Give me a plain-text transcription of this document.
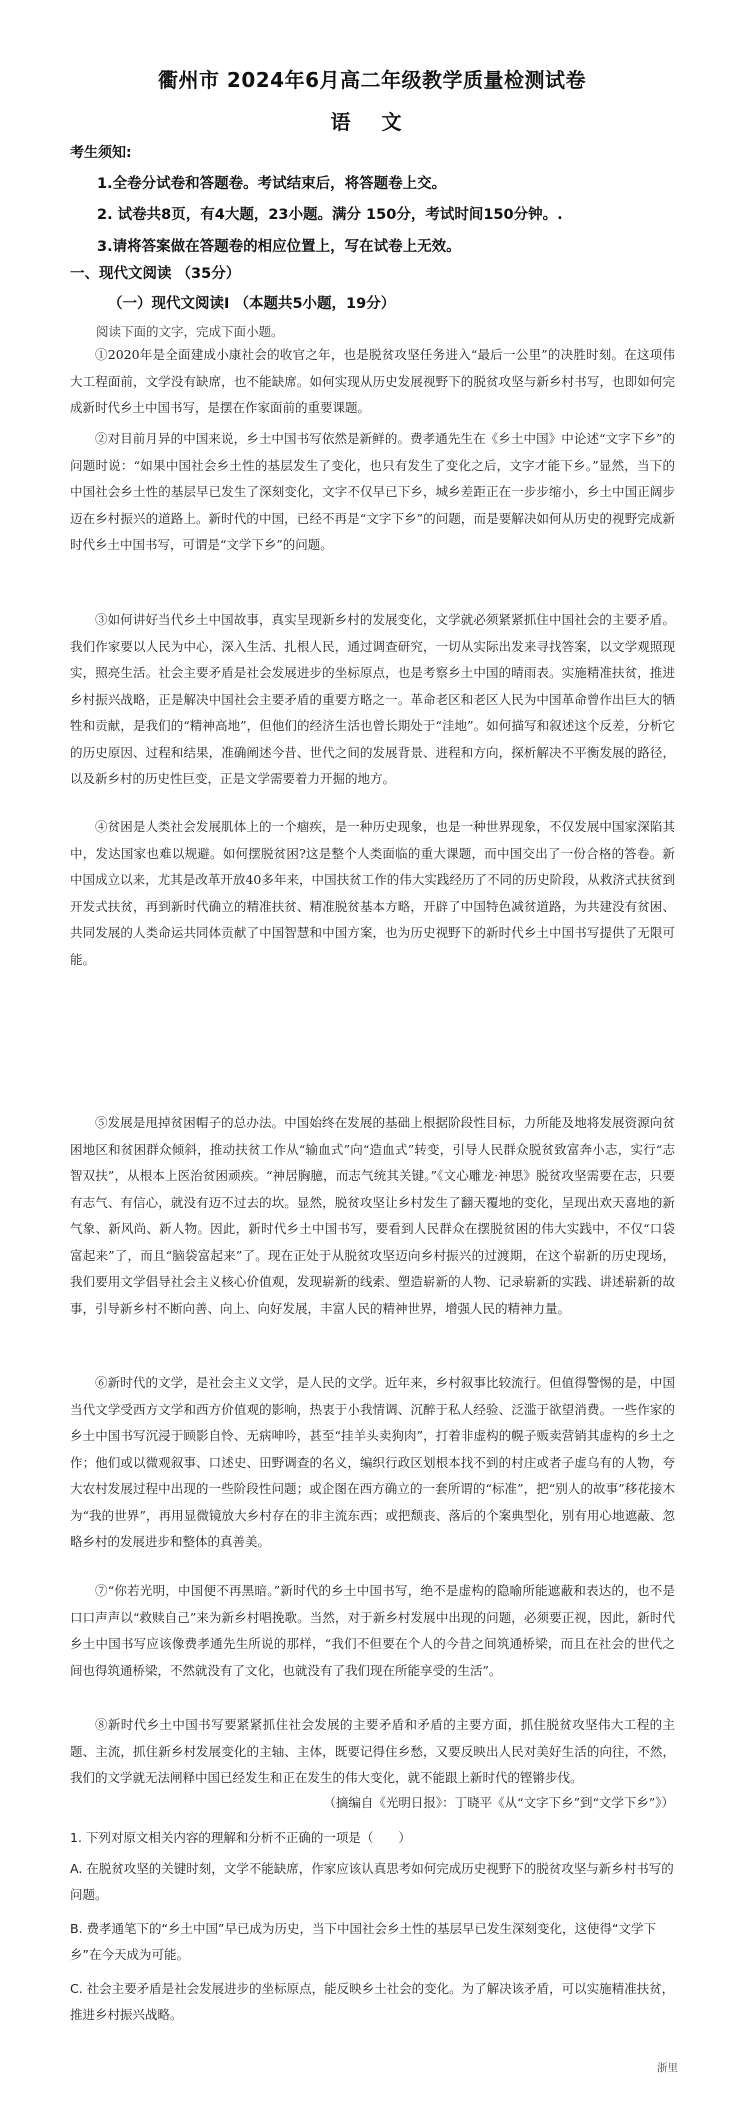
衢州市 2024年6月高二年级教学质量检测试卷
语 文
考生须知:
1.全卷分试卷和答题卷。考试结束后，将答题卷上交。
2. 试卷共8页，有4大题，23小题。满分 150分，考试时间150分钟。.
3.请将答案做在答题卷的相应位置上，写在试卷上无效。
一、现代文阅读 （35分）
（一）现代文阅读Ⅰ （本题共5小题，19分）
阅读下面的文字，完成下面小题。

①2020年是全面建成小康社会的收官之年，也是脱贫攻坚任务进入“最后一公里”的决胜时刻。在这项伟大工程面前，文学没有缺席，也不能缺席。如何实现从历史发展视野下的脱贫攻坚与新乡村书写，也即如何完成新时代乡土中国书写，是摆在作家面前的重要课题。

②对目前月异的中国来说，乡土中国书写依然是新鲜的。费孝通先生在《乡土中国》中论述“文字下乡”的问题时说：“如果中国社会乡土性的基层发生了变化，也只有发生了变化之后，文字才能下乡。”显然，当下的中国社会乡土性的基层早已发生了深刻变化，文字不仅早已下乡，城乡差距正在一步步缩小，乡土中国正阔步迈在乡村振兴的道路上。新时代的中国，已经不再是“文字下乡”的问题，而是要解决如何从历史的视野完成新时代乡土中国书写，可谓是“文学下乡”的问题。

③如何讲好当代乡土中国故事，真实呈现新乡村的发展变化，文学就必须紧紧抓住中国社会的主要矛盾。我们作家要以人民为中心，深入生活、扎根人民，通过调查研究，一切从实际出发来寻找答案，以文学观照现实，照亮生活。社会主要矛盾是社会发展进步的坐标原点，也是考察乡土中国的晴雨表。实施精准扶贫，推进乡村振兴战略，正是解决中国社会主要矛盾的重要方略之一。革命老区和老区人民为中国革命曾作出巨大的牺牲和贡献，是我们的“精神高地”，但他们的经济生活也曾长期处于“洼地”。如何描写和叙述这个反差，分析它的历史原因、过程和结果，准确阐述今昔、世代之间的发展背景、进程和方向，探析解决不平衡发展的路径，以及新乡村的历史性巨变，正是文学需要着力开掘的地方。

④贫困是人类社会发展肌体上的一个痼疾，是一种历史现象，也是一种世界现象，不仅发展中国家深陷其中，发达国家也难以规避。如何摆脱贫困?这是整个人类面临的重大课题，而中国交出了一份合格的答卷。新中国成立以来，尤其是改革开放40多年来，中国扶贫工作的伟大实践经历了不同的历史阶段，从救济式扶贫到开发式扶贫，再到新时代确立的精准扶贫、精准脱贫基本方略，开辟了中国特色减贫道路，为共建没有贫困、共同发展的人类命运共同体贡献了中国智慧和中国方案，也为历史视野下的新时代乡土中国书写提供了无限可能。

⑤发展是甩掉贫困帽子的总办法。中国始终在发展的基础上根据阶段性目标，力所能及地将发展资源向贫困地区和贫困群众倾斜，推动扶贫工作从“输血式”向“造血式”转变，引导人民群众脱贫致富奔小志，实行“志智双扶”，从根本上医治贫困顽疾。“神居胸臆，而志气统其关键。”《文心雕龙·神思》脱贫攻坚需要在志，只要有志气、有信心，就没有迈不过去的坎。显然，脱贫攻坚让乡村发生了翻天覆地的变化，呈现出欢天喜地的新气象、新风尚、新人物。因此，新时代乡土中国书写，要看到人民群众在摆脱贫困的伟大实践中，不仅“口袋富起来”了，而且“脑袋富起来”了。现在正处于从脱贫攻坚迈向乡村振兴的过渡期，在这个崭新的历史现场，我们要用文学倡导社会主义核心价值观，发现崭新的线索、塑造崭新的人物、记录崭新的实践、讲述崭新的故事，引导新乡村不断向善、向上、向好发展，丰富人民的精神世界，增强人民的精神力量。

⑥新时代的文学，是社会主义文学，是人民的文学。近年来，乡村叙事比较流行。但值得警惕的是，中国当代文学受西方文学和西方价值观的影响，热衷于小我情调、沉醉于私人经验、泛滥于欲望消费。一些作家的乡土中国书写沉浸于顾影自怜、无病呻吟，甚至“挂羊头卖狗肉”，打着非虚构的幌子贩卖营销其虚构的乡土之作；他们或以微观叙事、口述史、田野调查的名义，编织行政区划根本找不到的村庄或者子虚乌有的人物，夸大农村发展过程中出现的一些阶段性问题；或企图在西方确立的一套所谓的“标准”，把“别人的故事”移花接木为“我的世界”，再用显微镜放大乡村存在的非主流东西；或把颓丧、落后的个案典型化，别有用心地遮蔽、忽略乡村的发展进步和整体的真善美。

⑦“你若光明，中国便不再黑暗。”新时代的乡土中国书写，绝不是虚构的隐喻所能遮蔽和表达的，也不是口口声声以“救赎自己”来为新乡村唱挽歌。当然，对于新乡村发展中出现的问题，必须要正视，因此，新时代乡土中国书写应该像费孝通先生所说的那样，“我们不但要在个人的今昔之间筑通桥梁，而且在社会的世代之间也得筑通桥梁，不然就没有了文化，也就没有了我们现在所能享受的生活”。

⑧新时代乡土中国书写要紧紧抓住社会发展的主要矛盾和矛盾的主要方面，抓住脱贫攻坚伟大工程的主题、主流，抓住新乡村发展变化的主轴、主体，既要记得住乡愁，又要反映出人民对美好生活的向往，不然，我们的文学就无法闸释中国已经发生和正在发生的伟大变化，就不能跟上新时代的铿锵步伐。

（摘编自《光明日报》：丁晓平《从“文字下乡”到“文学下乡”》）

1. 下列对原文相关内容的理解和分析不正确的一项是（　　）

A. 在脱贫攻坚的关键时刻，文学不能缺席，作家应该认真思考如何完成历史视野下的脱贫攻坚与新乡村书写的问题。

B. 费孝通笔下的“乡土中国”早已成为历史，当下中国社会乡土性的基层早已发生深刻变化，这使得“文学下乡”在今天成为可能。

C. 社会主要矛盾是社会发展进步的坐标原点，能反映乡土社会的变化。为了解决该矛盾，可以实施精准扶贫，推进乡村振兴战略。

浙里
